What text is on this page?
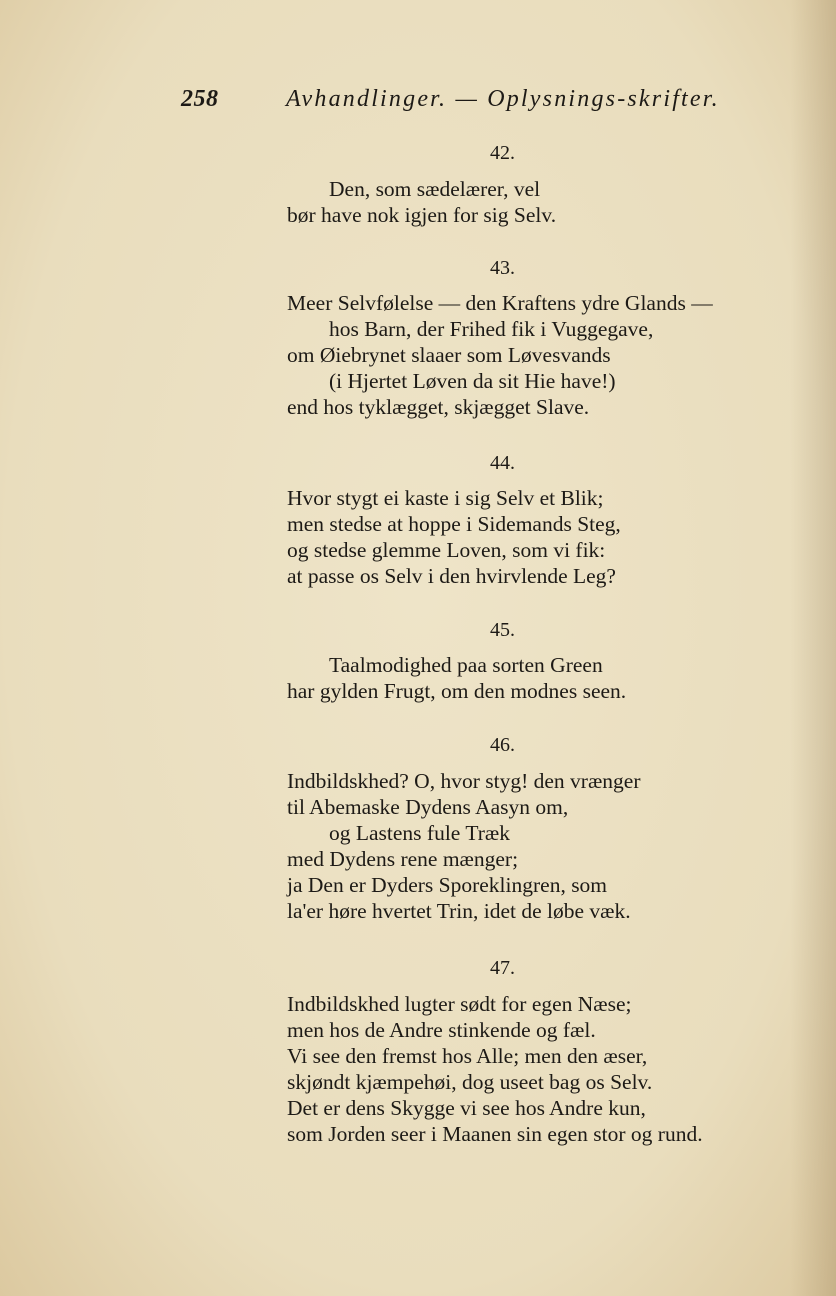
258	Avhandlinger. — Oplysnings-skrifter.
42.
Den, som sædelærer, vel
bør have nok igjen for sig Selv.
43.
Meer Selvfølelse — den Kraftens ydre Glands —
hos Barn, der Frihed fik i Vuggegave,
om Øiebrynet slaaer som Løvesvands
(i Hjertet Løven da sit Hie have!)
end hos tyklægget, skjægget Slave.
44.
Hvor stygt ei kaste i sig Selv et Blik;
men stedse at hoppe i Sidemands Steg,
og stedse glemme Loven, som vi fik:
at passe os Selv i den hvirvlende Leg?
45.
Taalmodighed paa sorten Green
har gylden Frugt, om den modnes seen.
46.
Indbildskhed? O, hvor styg! den vrænger
til Abemaske Dydens Aasyn om,
og Lastens fule Træk
med Dydens rene mænger;
ja Den er Dyders Sporeklingren, som
la'er høre hvertet Trin, idet de løbe væk.
47.
Indbildskhed lugter sødt for egen Næse;
men hos de Andre stinkende og fæl.
Vi see den fremst hos Alle; men den æser,
skjøndt kjæmpehøi, dog useet bag os Selv.
Det er dens Skygge vi see hos Andre kun,
som Jorden seer i Maanen sin egen stor og rund.
